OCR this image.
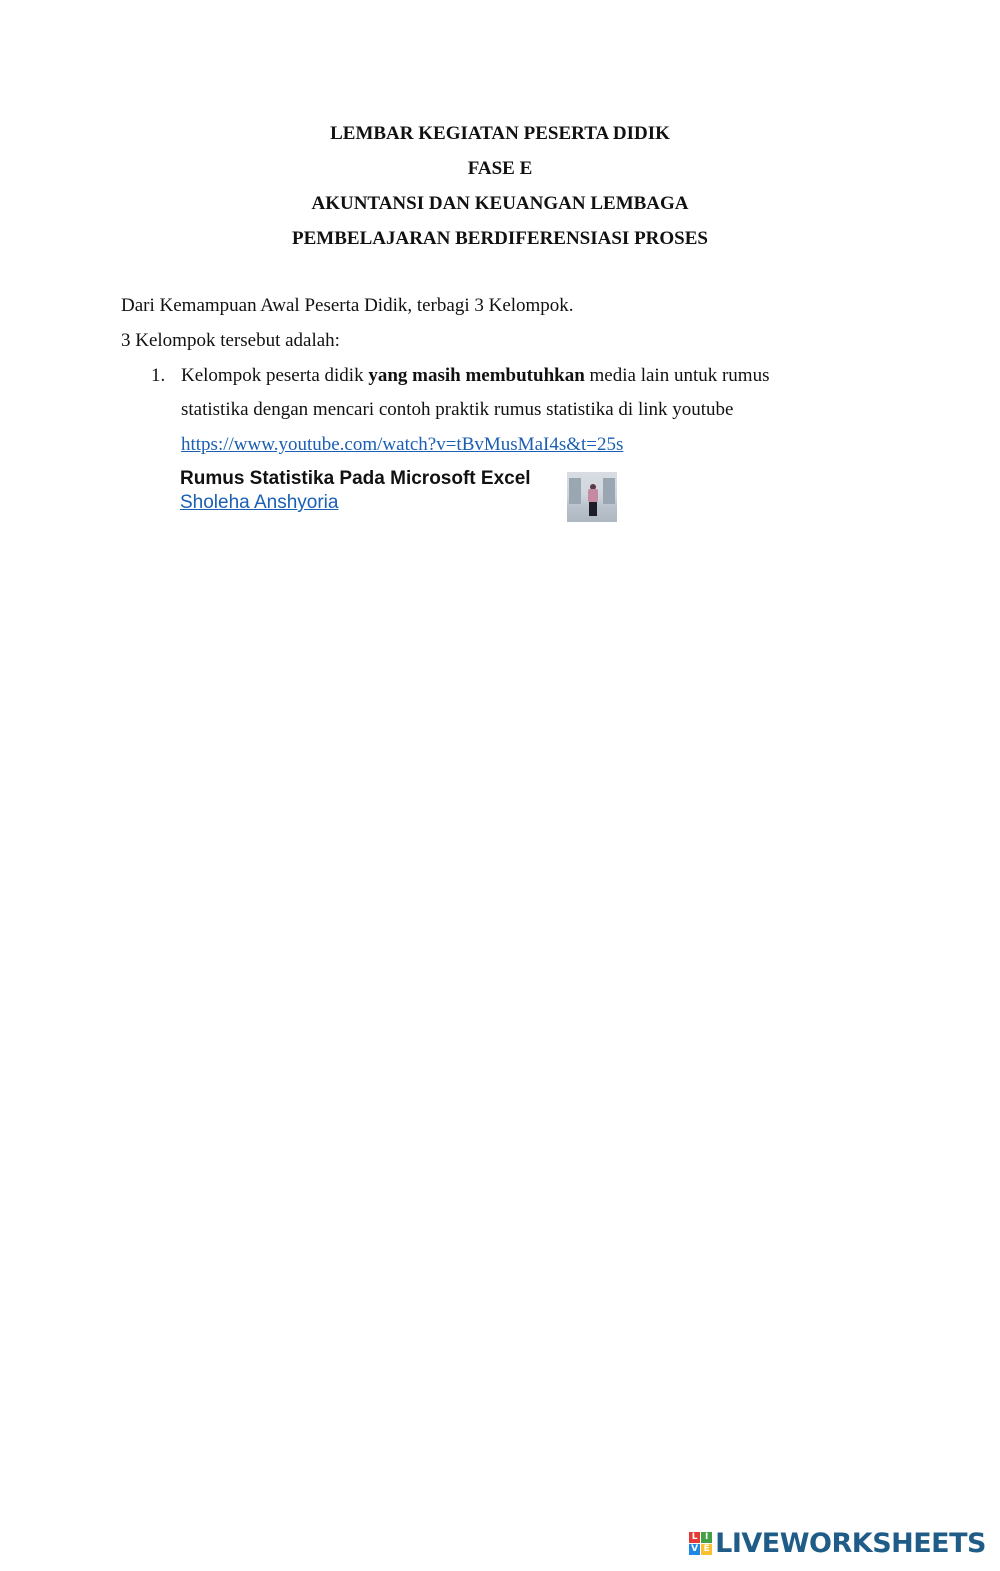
LEMBAR KEGIATAN PESERTA DIDIK
FASE E
AKUNTANSI DAN KEUANGAN LEMBAGA
PEMBELAJARAN BERDIFERENSIASI PROSES
Dari Kemampuan Awal Peserta Didik, terbagi 3 Kelompok.
3 Kelompok tersebut adalah:
1. Kelompok peserta didik yang masih membutuhkan media lain untuk rumus
statistika dengan mencari contoh praktik rumus statistika di link youtube
https://www.youtube.com/watch?v=tBvMusMaI4s&t=25s
Rumus Statistika Pada Microsoft Excel
Sholeha Anshyoria
L I
V E LIVEWORKSHEETS
